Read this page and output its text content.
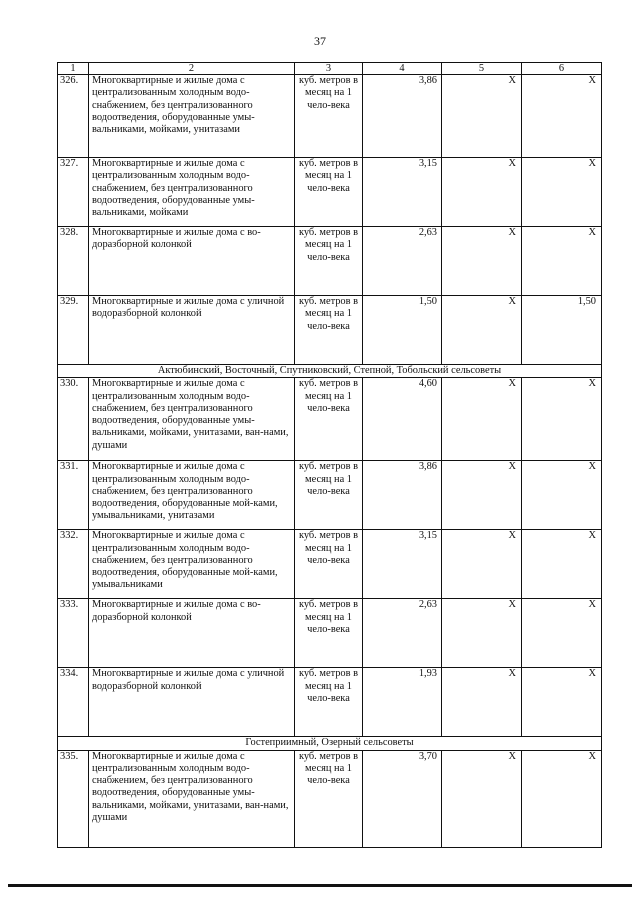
37
1	2	3	4	5	6
326.	Многоквартирные и жилые дома с централизованным холодным водо-снабжением, без централизованного водоотведения, оборудованные умы-вальниками, мойками, унитазами	куб. метров в месяц на 1 чело-века	3,86	Х	Х
327.	Многоквартирные и жилые дома с централизованным холодным водо-снабжением, без централизованного водоотведения, оборудованные умы-вальниками, мойками	куб. метров в месяц на 1 чело-века	3,15	Х	Х
328.	Многоквартирные и жилые дома с во-доразборной колонкой	куб. метров в месяц на 1 чело-века	2,63	Х	Х
329.	Многоквартирные и жилые дома с уличной водоразборной колонкой	куб. метров в месяц на 1 чело-века	1,50	Х	1,50
Актюбинский, Восточный, Спутниковский, Степной, Тобольский сельсоветы					
330.	Многоквартирные и жилые дома с централизованным холодным водо-снабжением, без централизованного водоотведения, оборудованные умы-вальниками, мойками, унитазами, ван-нами, душами	куб. метров в месяц на 1 чело-века	4,60	Х	Х
331.	Многоквартирные и жилые дома с централизованным холодным водо-снабжением, без централизованного водоотведения, оборудованные мой-ками, умывальниками, унитазами	куб. метров в месяц на 1 чело-века	3,86	Х	Х
332.	Многоквартирные и жилые дома с централизованным холодным водо-снабжением, без централизованного водоотведения, оборудованные мой-ками, умывальниками	куб. метров в месяц на 1 чело-века	3,15	Х	Х
333.	Многоквартирные и жилые дома с во-доразборной колонкой	куб. метров в месяц на 1 чело-века	2,63	Х	Х
334.	Многоквартирные и жилые дома с уличной водоразборной колонкой	куб. метров в месяц на 1 чело-века	1,93	Х	Х
Гостеприимный, Озерный сельсоветы					
335.	Многоквартирные и жилые дома с централизованным холодным водо-снабжением, без централизованного водоотведения, оборудованные умы-вальниками, мойками, унитазами, ван-нами, душами	куб. метров в месяц на 1 чело-века	3,70	Х	Х
